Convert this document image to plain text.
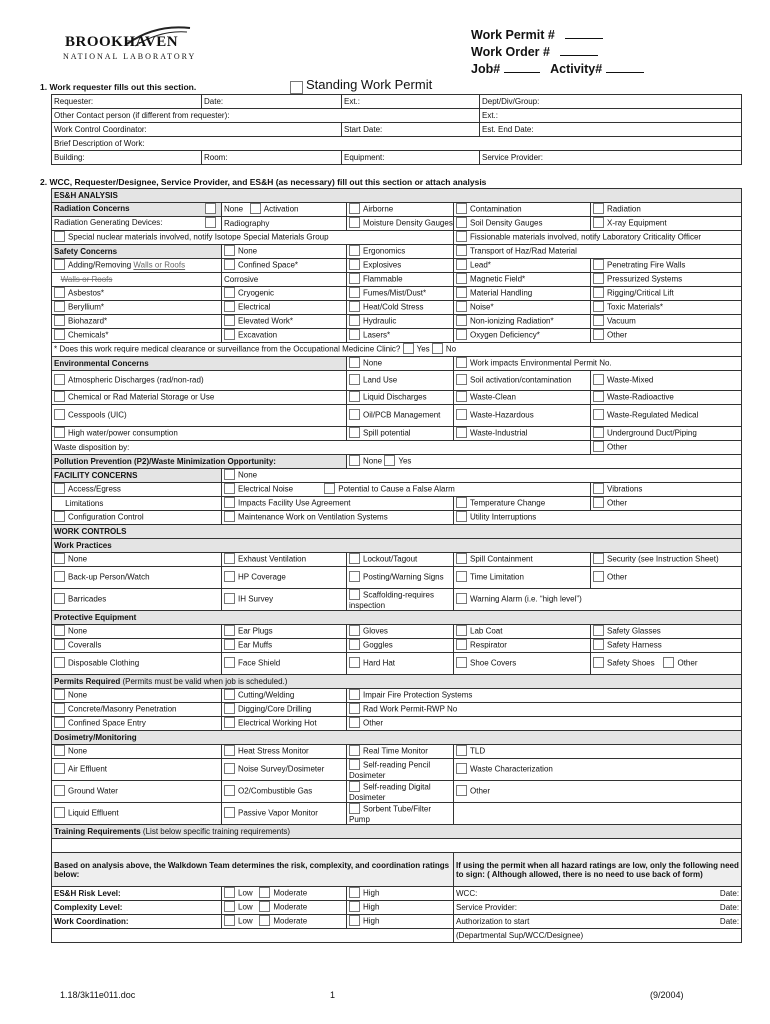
BROOKHAVEN
NATIONAL LABORATORY
Work Permit #
Work Order #
Job#	Activity#
1. Work requester fills out this section.	Standing Work Permit
Requester:	Date:	Ext.:	Dept/Div/Group:
Other Contact person (if different from requester):			Ext.:
Work Control Coordinator:		Start Date:	Est. End Date:
Brief Description of Work:			
Building:	Room:	Equipment:	Service Provider:
2. WCC, Requester/Designee, Service Provider, and ES&H (as necessary) fill out this section or attach analysis
ES&H ANALYSIS				
Radiation Concerns	None Activation	Airborne	Contamination	Radiation
Radiation Generating Devices:	Radiography	Moisture Density Gauges	Soil Density Gauges	X-ray Equipment
Special nuclear materials involved, notify Isotope Special Materials Group			Fissionable materials involved, notify Laboratory Criticality Officer	
Safety Concerns	None	Ergonomics	Transport of Haz/Rad Material	
Adding/Removing Walls or Roofs	Confined Space*	Explosives	Lead*	Penetrating Fire Walls
Walls or Roofs	Corrosive	Flammable	Magnetic Field*	Pressurized Systems
Asbestos*	Cryogenic	Fumes/Mist/Dust*	Material Handling	Rigging/Critical Lift
Beryllium*	Electrical	Heat/Cold Stress	Noise*	Toxic Materials*
Biohazard*	Elevated Work*	Hydraulic	Non-ionizing Radiation*	Vacuum
Chemicals*	Excavation	Lasers*	Oxygen Deficiency*	Other
* Does this work require medical clearance or surveillance from the Occupational Medicine Clinic? Yes No				
Environmental Concerns		None	Work impacts Environmental Permit No.	
Atmospheric Discharges (rad/non-rad)		Land Use	Soil activation/contamination	Waste-Mixed
Chemical or Rad Material Storage or Use		Liquid Discharges	Waste-Clean	Waste-Radioactive
Cesspools (UIC)		Oil/PCB Management	Waste-Hazardous	Waste-Regulated Medical
High water/power consumption		Spill potential	Waste-Industrial	Underground Duct/Piping
Waste disposition by:				Other
Pollution Prevention (P2)/Waste Minimization Opportunity:		None Yes		
FACILITY CONCERNS	None			
Access/Egress	Electrical Noise Potential to Cause a False Alarm			Vibrations
Limitations	Impacts Facility Use Agreement		Temperature Change	Other
Configuration Control	Maintenance Work on Ventilation Systems		Utility Interruptions	
WORK CONTROLS				
Work Practices				
None	Exhaust Ventilation	Lockout/Tagout	Spill Containment	Security (see Instruction Sheet)
Back-up Person/Watch	HP Coverage	Posting/Warning Signs	Time Limitation	Other
Barricades	IH Survey	Scaffolding-requires inspection	Warning Alarm (i.e. “high level”)	
Protective Equipment				
None	Ear Plugs	Gloves	Lab Coat	Safety Glasses
Coveralls	Ear Muffs	Goggles	Respirator	Safety Harness
Disposable Clothing	Face Shield	Hard Hat	Shoe Covers	Safety Shoes Other
Permits Required (Permits must be valid when job is scheduled.)				
None	Cutting/Welding	Impair Fire Protection Systems		
Concrete/Masonry Penetration	Digging/Core Drilling	Rad Work Permit-RWP No		
Confined Space Entry	Electrical Working Hot	Other		
Dosimetry/Monitoring				
None	Heat Stress Monitor	Real Time Monitor	TLD	
Air Effluent	Noise Survey/Dosimeter	Self-reading Pencil Dosimeter	Waste Characterization	
Ground Water	O2/Combustible Gas	Self-reading Digital Dosimeter	Other	
Liquid Effluent	Passive Vapor Monitor	Sorbent Tube/Filter Pump		
Training Requirements (List below specific training requirements)				

Based on analysis above, the Walkdown Team determines the risk, complexity, and coordination ratings below:			If using the permit when all hazard ratings are low, only the following need to sign: ( Although allowed, there is no need to use back of form)	
ES&H Risk Level:	Low Moderate	High	WCC: Date:	

Complexity Level:	Low Moderate	High	Service Provider: Date:	

Work Coordination:	Low Moderate	High	Authorization to start Date:	

			(Departmental Sup/WCC/Designee)	
1.18/3k11e011.doc	1	(9/2004)
